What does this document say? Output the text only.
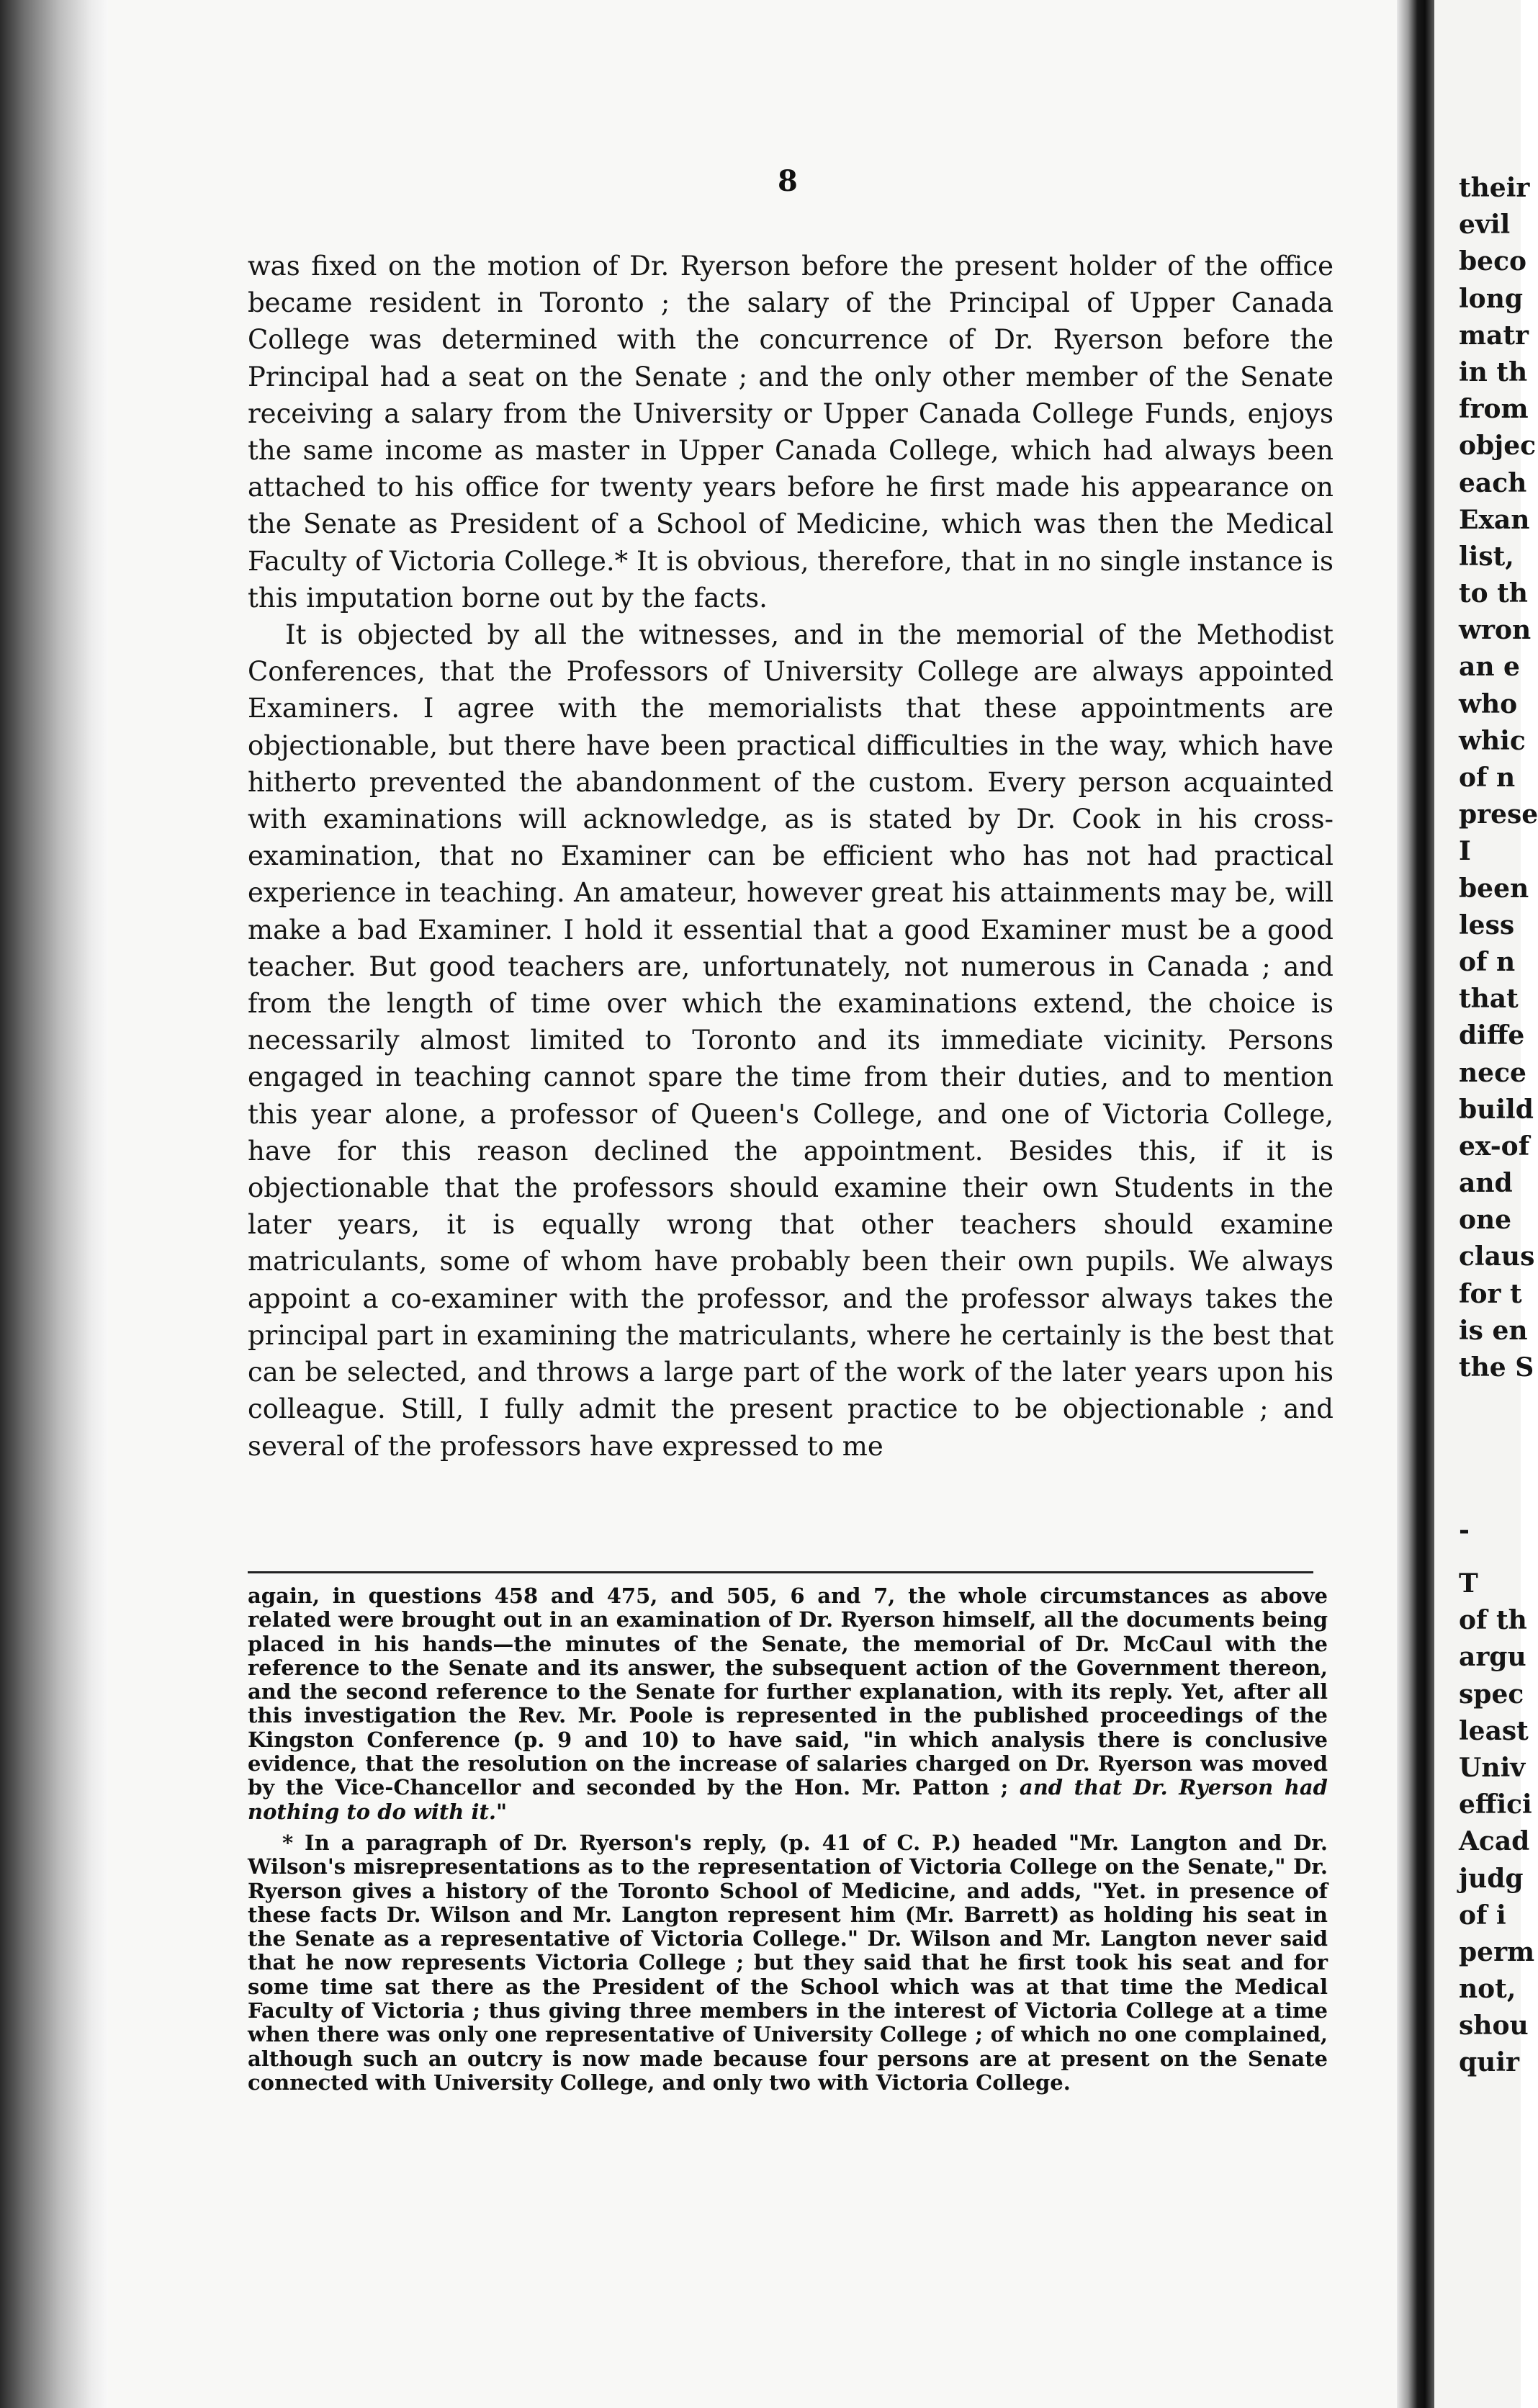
8

was fixed on the motion of Dr. Ryerson before the present holder of the office became resident in Toronto ; the salary of the Principal of Upper Canada College was determined with the concurrence of Dr. Ryerson before the Principal had a seat on the Senate ; and the only other member of the Senate receiving a salary from the University or Upper Canada College Funds, enjoys the same income as master in Upper Canada College, which had always been attached to his office for twenty years before he first made his appearance on the Senate as President of a School of Medicine, which was then the Medical Faculty of Victoria College.* It is obvious, therefore, that in no single instance is this imputation borne out by the facts.

It is objected by all the witnesses, and in the memorial of the Methodist Conferences, that the Professors of University College are always appointed Examiners. I agree with the memorialists that these appointments are objectionable, but there have been practical difficulties in the way, which have hitherto prevented the abandonment of the custom. Every person acquainted with examinations will acknowledge, as is stated by Dr. Cook in his cross-examination, that no Examiner can be efficient who has not had practical experience in teaching. An amateur, however great his attainments may be, will make a bad Examiner. I hold it essential that a good Examiner must be a good teacher. But good teachers are, unfortunately, not numerous in Canada ; and from the length of time over which the examinations extend, the choice is necessarily almost limited to Toronto and its immediate vicinity. Persons engaged in teaching cannot spare the time from their duties, and to mention this year alone, a professor of Queen's College, and one of Victoria College, have for this reason declined the appointment. Besides this, if it is objectionable that the professors should examine their own Students in the later years, it is equally wrong that other teachers should examine matriculants, some of whom have probably been their own pupils. We always appoint a co-examiner with the professor, and the professor always takes the principal part in examining the matriculants, where he certainly is the best that can be selected, and throws a large part of the work of the later years upon his colleague. Still, I fully admit the present practice to be objectionable ; and several of the professors have expressed to me

again, in questions 458 and 475, and 505, 6 and 7, the whole circumstances as above related were brought out in an examination of Dr. Ryerson himself, all the documents being placed in his hands—the minutes of the Senate, the memorial of Dr. McCaul with the reference to the Senate and its answer, the subsequent action of the Government thereon, and the second reference to the Senate for further explanation, with its reply. Yet, after all this investigation the Rev. Mr. Poole is represented in the published proceedings of the Kingston Conference (p. 9 and 10) to have said, "in which analysis there is conclusive evidence, that the resolution on the increase of salaries charged on Dr. Ryerson was moved by the Vice-Chancellor and seconded by the Hon. Mr. Patton ; and that Dr. Ryerson had nothing to do with it."

* In a paragraph of Dr. Ryerson's reply, (p. 41 of C. P.) headed "Mr. Langton and Dr. Wilson's misrepresentations as to the representation of Victoria College on the Senate," Dr. Ryerson gives a history of the Toronto School of Medicine, and adds, "Yet. in presence of these facts Dr. Wilson and Mr. Langton represent him (Mr. Barrett) as holding his seat in the Senate as a representative of Victoria College." Dr. Wilson and Mr. Langton never said that he now represents Victoria College ; but they said that he first took his seat and for some time sat there as the President of the School which was at that time the Medical Faculty of Victoria ; thus giving three members in the interest of Victoria College at a time when there was only one representative of University College ; of which no one complained, although such an outcry is now made because four persons are at present on the Senate connected with University College, and only two with Victoria College.

their
evil
beco
long
matr
in th
from
objec
each
Exan
list,
to th
wron
an e
who
whic
of n
prese
I
been
less
of n
that
diffe
nece
build
ex-of
and
one
claus
for t
is en
the S
-
T
of th
argu
spec
least
Univ
effici
Acad
judg
of i
perm
not,
shou
quir
